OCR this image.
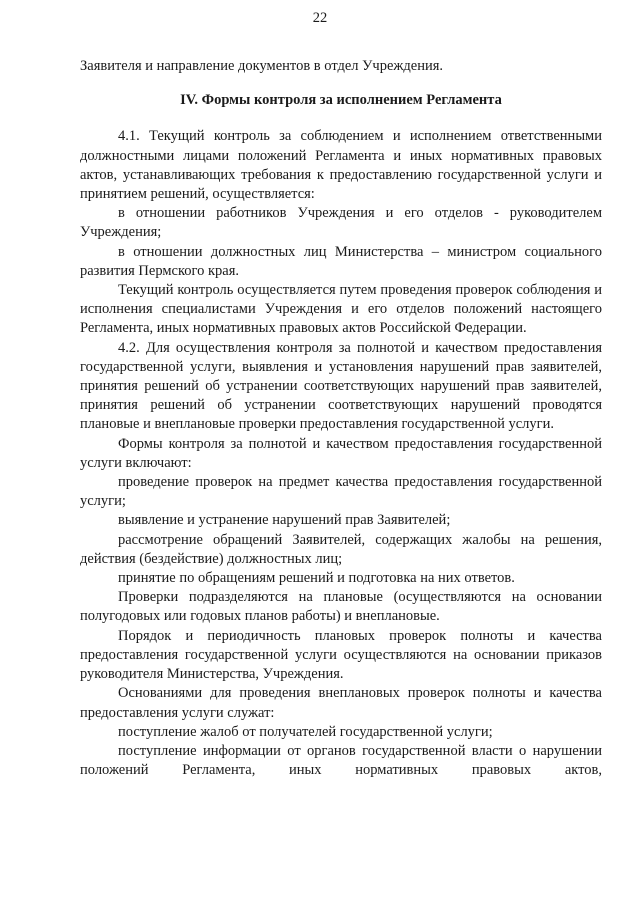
22

Заявителя и направление документов в отдел Учреждения.

IV. Формы контроля за исполнением Регламента

4.1. Текущий контроль за соблюдением и исполнением ответственными должностными лицами положений Регламента и иных нормативных правовых актов, устанавливающих требования к предоставлению государственной услуги и принятием решений, осуществляется:

в отношении работников Учреждения и его отделов - руководителем Учреждения;

в отношении должностных лиц Министерства – министром социального развития Пермского края.

Текущий контроль осуществляется путем проведения проверок соблюдения и исполнения специалистами Учреждения и его отделов положений настоящего Регламента, иных нормативных правовых актов Российской Федерации.

4.2. Для осуществления контроля за полнотой и качеством предоставления государственной услуги, выявления и установления нарушений прав заявителей, принятия решений об устранении соответствующих нарушений прав заявителей, принятия решений об устранении соответствующих нарушений проводятся плановые и внеплановые проверки предоставления государственной услуги.

Формы контроля за полнотой и качеством предоставления государственной услуги включают:

проведение проверок на предмет качества предоставления государственной услуги;

выявление и устранение нарушений прав Заявителей;

рассмотрение обращений Заявителей, содержащих жалобы на решения, действия (бездействие) должностных лиц;

принятие по обращениям решений и подготовка на них ответов.

Проверки подразделяются на плановые (осуществляются на основании полугодовых или годовых планов работы) и внеплановые.

Порядок и периодичность плановых проверок полноты и качества предоставления государственной услуги осуществляются на основании приказов руководителя Министерства, Учреждения.

Основаниями для проведения внеплановых проверок полноты и качества предоставления услуги служат:

поступление жалоб от получателей государственной услуги;

поступление информации от органов государственной власти о нарушении положений Регламента, иных нормативных правовых актов,
